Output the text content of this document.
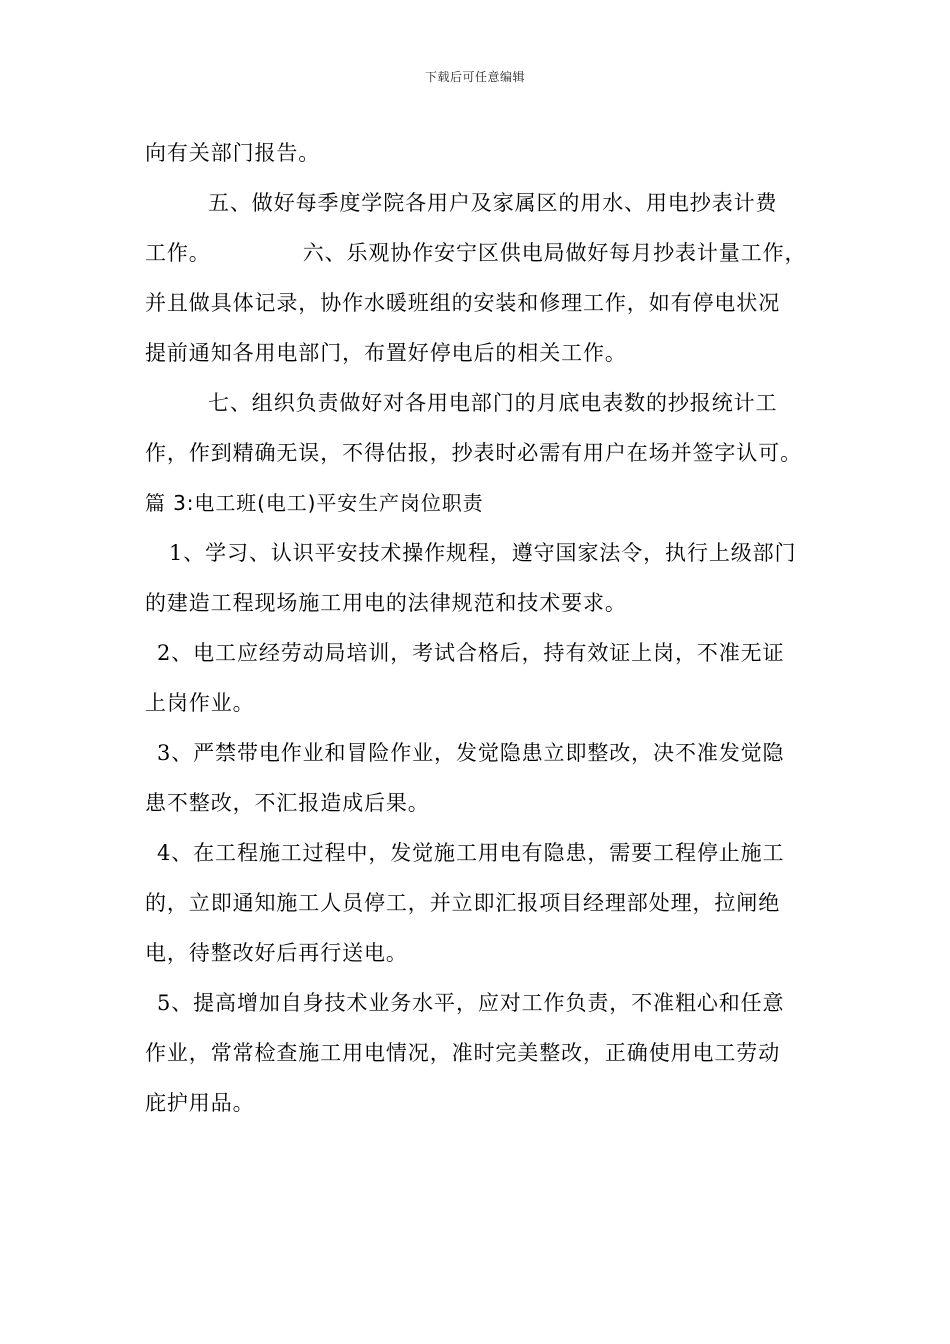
下载后可任意编辑
向有关部门报告。
五、做好每季度学院各用户及家属区的用水、用电抄表计费
工作。	六、乐观协作安宁区供电局做好每月抄表计量工作，
并且做具体记录，协作水暖班组的安装和修理工作，如有停电状况
提前通知各用电部门，布置好停电后的相关工作。
七、组织负责做好对各用电部门的月底电表数的抄报统计工
作，作到精确无误，不得估报，抄表时必需有用户在场并签字认可。
篇 3:电工班(电工)平安生产岗位职责
1、学习、认识平安技术操作规程，遵守国家法令，执行上级部门
的建造工程现场施工用电的法律规范和技术要求。
2、电工应经劳动局培训，考试合格后，持有效证上岗，不准无证
上岗作业。
3、严禁带电作业和冒险作业，发觉隐患立即整改，决不准发觉隐
患不整改，不汇报造成后果。
4、在工程施工过程中，发觉施工用电有隐患，需要工程停止施工
的，立即通知施工人员停工，并立即汇报项目经理部处理，拉闸绝
电，待整改好后再行送电。
5、提高增加自身技术业务水平，应对工作负责，不准粗心和任意
作业，常常检查施工用电情况，准时完美整改，正确使用电工劳动
庇护用品。
